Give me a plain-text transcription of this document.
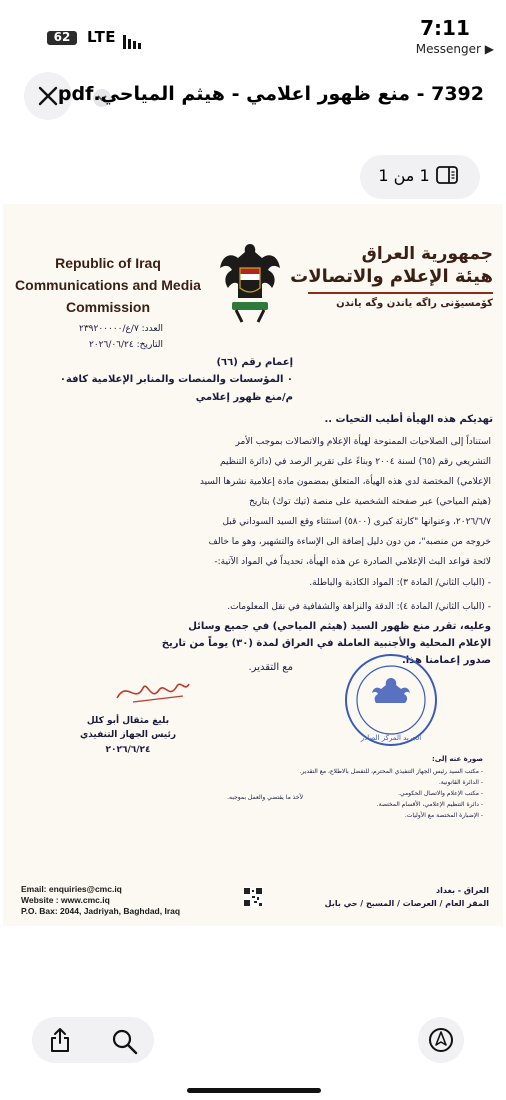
62	LTE	7:11
Messenger ▶
7392 - منع ظهور اعلامي - هيثم المياحي.pdf
1 من 1
Republic of Iraq
Communications and Media
Commission
جمهورية العراق
هيئة الإعلام والاتصالات
كۆمسیۆنی راگە یاندن وگە یاندن
العدد: ٧/ع/٢٣٩٢٠٠٠٠٠
التاريخ: ٢٠٢٦/٠٦/٢٤
إعمام رقم (٦٦)
٠ المؤسسات والمنصات والمنابر الإعلامية كافة٠
م/منع ظهور إعلامي
تهديكم هذه الهيأة أطيب التحيات ..
استناداً إلى الصلاحيات الممنوحة لهيأة الإعلام والاتصالات بموجب الأمر
التشريعي رقم (٦٥) لسنة ٢٠٠٤ وبناءً على تقرير الرصد في (دائرة التنظيم
الإعلامي) المختصة لدى هذه الهيأة، المتعلق بمضمون مادة إعلامية نشرها السيد
(هيثم المياحي) عبر صفحته الشخصية على منصة (تيك توك) بتاريخ
٢٠٢٦/٦/٧، وعنوانها "كارثة كبرى (٥٨٠٠) استثناء وقع السيد السوداني قبل
خروجه من منصبه"، من دون دليل إضافة الى الإساءة والتشهير، وهو ما خالف
لائحة قواعد البث الإعلامي الصادرة عن هذه الهيأة، تحديداً في المواد الآتية:-
- (الباب الثاني/ المادة ٣): المواد الكاذبة والباطلة.
- (الباب الثاني/ المادة ٤): الدقة والنزاهة والشفافية في نقل المعلومات.
وعليه، تقرر منع ظهور السيد (هيثم المياحي) في جميع وسائل
الإعلام المحلية والأجنبية العاملة في العراق لمدة (٣٠) يوماً من تاريخ
صدور إعمامنا هذا.
مع التقدير.
الجريد المركز الصادر
بليغ مثقال أبو كلل
رئيس الجهاز التنفيذي
٢٠٢٦/٦/٢٤
صورة عنه إلى:
- مكتب السيد رئيس الجهاز التنفيذي المحترم، للتفضل بالاطلاع، مع التقدير.
- الدائرة القانونية.
- مكتب الإعلام والاتصال الحكومي.
- دائرة التنظيم الإعلامي، الأقسام المختصة.
- الإضبارة المختصة مع الأوليات.
لأخذ ما يقتضي والعمل بموجبه.
Email: enquiries@cmc.iq
Website : www.cmc.iq
P.O. Bax: 2044, Jadriyah, Baghdad, Iraq
العراق - بغداد
المقر العام / العرصات / المسبح / حي بابل
